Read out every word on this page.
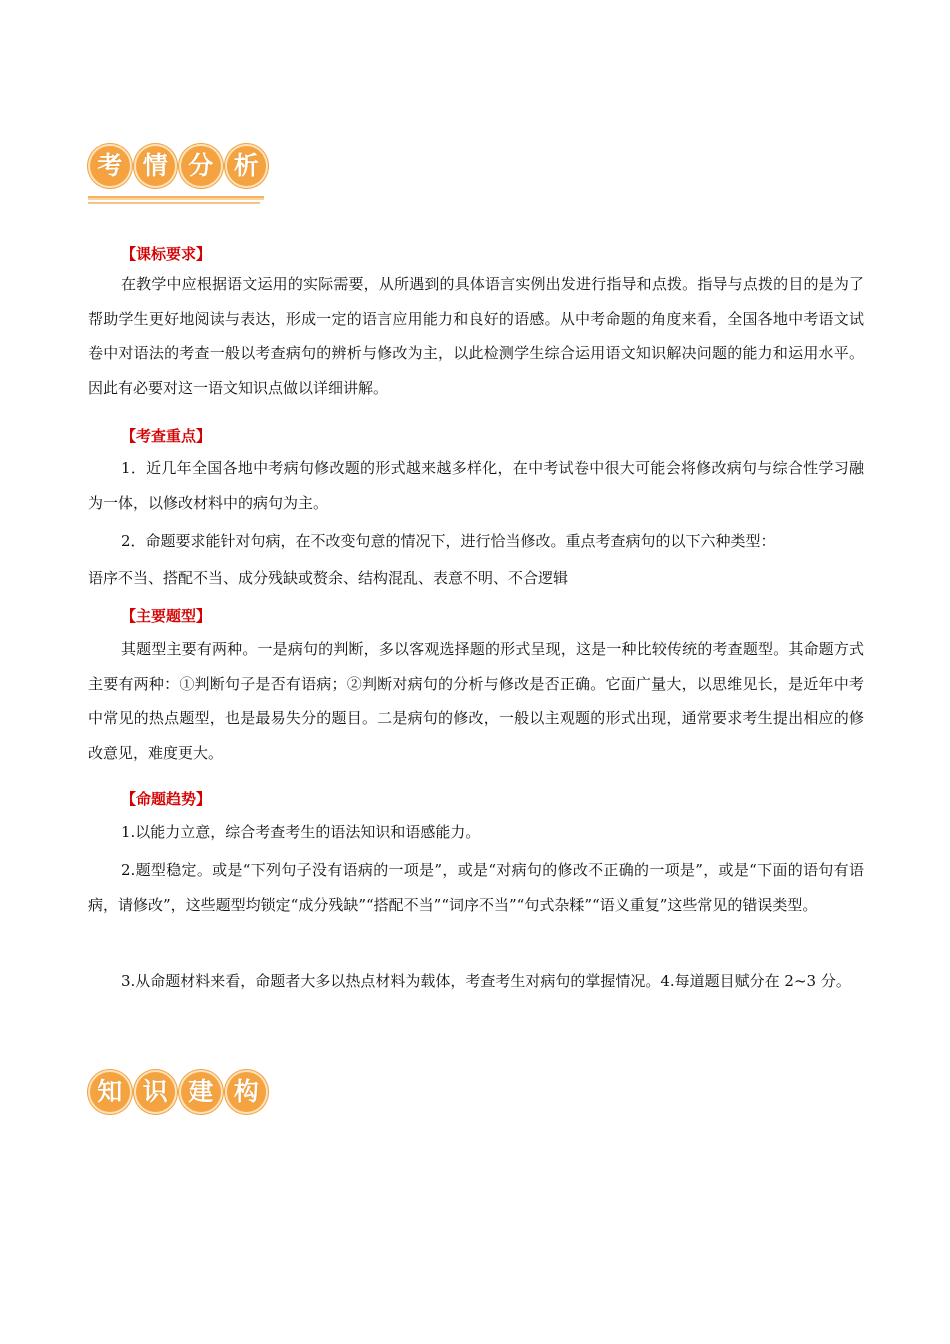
考 情 分 析
【课标要求】
在教学中应根据语文运用的实际需要，从所遇到的具体语言实例出发进行指导和点拨。指导与点拨的目的是为了帮助学生更好地阅读与表达，形成一定的语言应用能力和良好的语感。从中考命题的角度来看，全国各地中考语文试卷中对语法的考查一般以考查病句的辨析与修改为主，以此检测学生综合运用语文知识解决问题的能力和运用水平。因此有必要对这一语文知识点做以详细讲解。
【考查重点】
1．近几年全国各地中考病句修改题的形式越来越多样化，在中考试卷中很大可能会将修改病句与综合性学习融为一体，以修改材料中的病句为主。
2．命题要求能针对句病，在不改变句意的情况下，进行恰当修改。重点考查病句的以下六种类型：
语序不当、搭配不当、成分残缺或赘余、结构混乱、表意不明、不合逻辑
【主要题型】
其题型主要有两种。一是病句的判断，多以客观选择题的形式呈现，这是一种比较传统的考查题型。其命题方式主要有两种：①判断句子是否有语病；②判断对病句的分析与修改是否正确。它面广量大，以思维见长，是近年中考中常见的热点题型，也是最易失分的题目。二是病句的修改，一般以主观题的形式出现，通常要求考生提出相应的修改意见，难度更大。
【命题趋势】
1.以能力立意，综合考查考生的语法知识和语感能力。
2.题型稳定。或是“下列句子没有语病的一项是”，或是“对病句的修改不正确的一项是”，或是“下面的语句有语病，请修改”，这些题型均锁定“成分残缺”“搭配不当”“词序不当”“句式杂糅”“语义重复”这些常见的错误类型。
3.从命题材料来看，命题者大多以热点材料为载体，考查考生对病句的掌握情况。4.每道题目赋分在 2~3 分。
知 识 建 构
